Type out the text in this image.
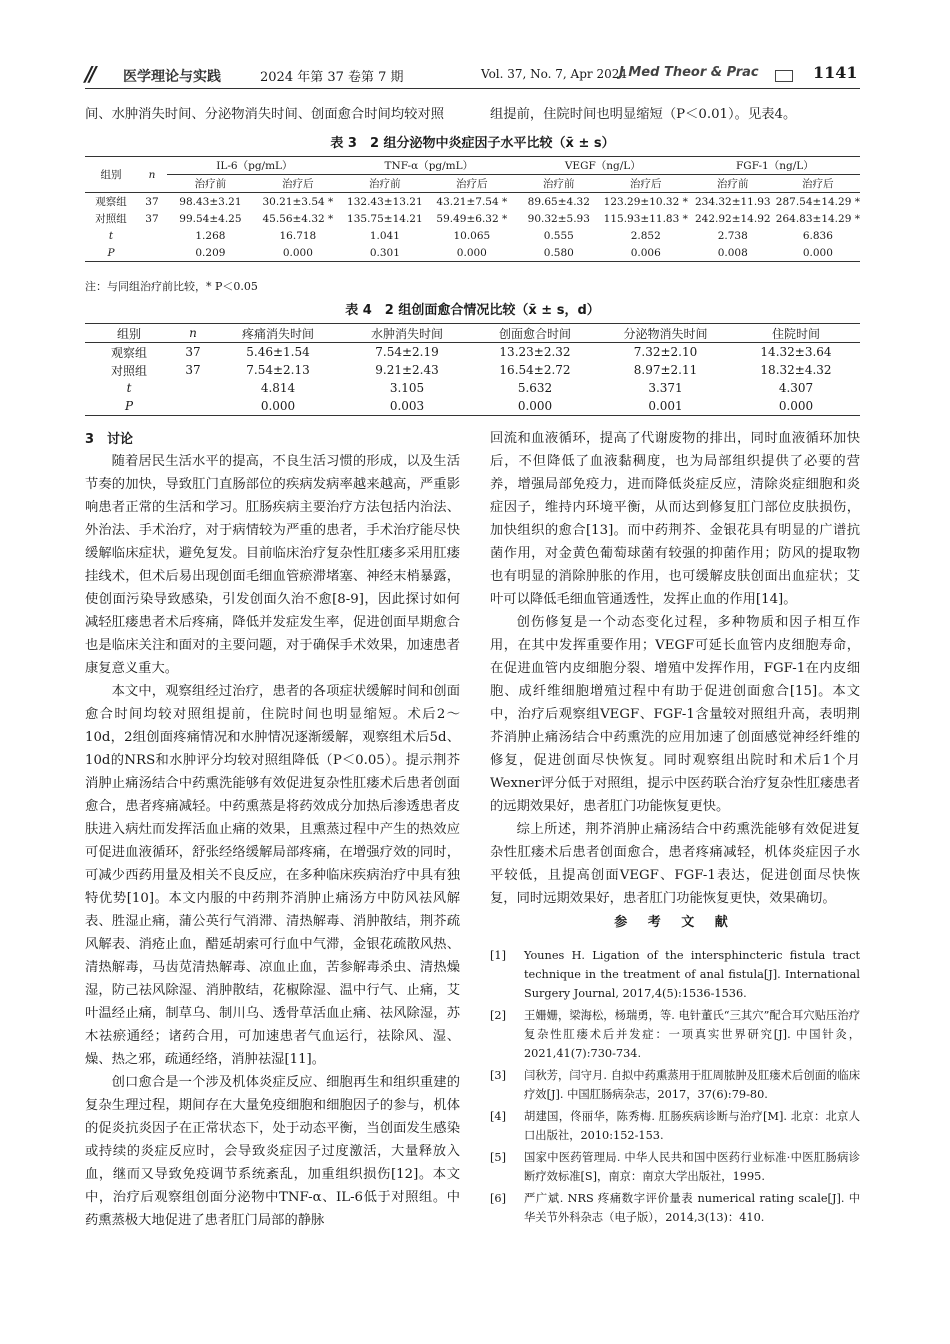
// 医学理论与实践	2024 年第 37 卷第 7 期	Vol. 37, No. 7, Apr 2024
J Med Theor & Prac	1141

间、水肿消失时间、分泌物消失时间、创面愈合时间均较对照	组提前，住院时间也明显缩短（P＜0.01）。见表4。

表 3　2 组分泌物中炎症因子水平比较（x̄ ± s）
组别	n	IL-6（pg/mL）		TNF-α（pg/mL）		VEGF（ng/L）		FGF-1（ng/L）	
		治疗前	治疗后	治疗前	治疗后	治疗前	治疗后	治疗前	治疗后
观察组	37	98.43±3.21	30.21±3.54 *	132.43±13.21	43.21±7.54 *	89.65±4.32	123.29±10.32 *	234.32±11.93	287.54±14.29 *
对照组	37	99.54±4.25	45.56±4.32 *	135.75±14.21	59.49±6.32 *	90.32±5.93	115.93±11.83 *	242.92±14.92	264.83±14.29 *
t		1.268	16.718	1.041	10.065	0.555	2.852	2.738	6.836
P		0.209	0.000	0.301	0.000	0.580	0.006	0.008	0.000
注：与同组治疗前比较，* P＜0.05
表 4　2 组创面愈合情况比较（x̄ ± s，d）
组别	n	疼痛消失时间	水肿消失时间	创面愈合时间	分泌物消失时间	住院时间
观察组	37	5.46±1.54	7.54±2.19	13.23±2.32	7.32±2.10	14.32±3.64
对照组	37	7.54±2.13	9.21±2.43	16.54±2.72	8.97±2.11	18.32±4.32
t		4.814	3.105	5.632	3.371	4.307
P		0.000	0.003	0.000	0.001	0.000
3　讨论

随着居民生活水平的提高，不良生活习惯的形成，以及生活节奏的加快，导致肛门直肠部位的疾病发病率越来越高，严重影响患者正常的生活和学习。肛肠疾病主要治疗方法包括内治法、外治法、手术治疗，对于病情较为严重的患者，手术治疗能尽快缓解临床症状，避免复发。目前临床治疗复杂性肛瘘多采用肛瘘挂线术，但术后易出现创面毛细血管瘀滞堵塞、神经末梢暴露，使创面污染导致感染，引发创面久治不愈[8-9]，因此探讨如何减轻肛瘘患者术后疼痛，降低并发症发生率，促进创面早期愈合也是临床关注和面对的主要问题，对于确保手术效果，加速患者康复意义重大。

本文中，观察组经过治疗，患者的各项症状缓解时间和创面愈合时间均较对照组提前，住院时间也明显缩短。术后2～10d，2组创面疼痛情况和水肿情况逐渐缓解，观察组术后5d、10d的NRS和水肿评分均较对照组降低（P＜0.05）。提示荆芥消肿止痛汤结合中药熏洗能够有效促进复杂性肛瘘术后患者创面愈合，患者疼痛减轻。中药熏蒸是将药效成分加热后渗透患者皮肤进入病灶而发挥活血止痛的效果，且熏蒸过程中产生的热效应可促进血液循环，舒张经络缓解局部疼痛，在增强疗效的同时，可减少西药用量及相关不良反应，在多种临床疾病治疗中具有独特优势[10]。本文内服的中药荆芥消肿止痛汤方中防风祛风解表、胜湿止痛，蒲公英行气消滞、清热解毒、消肿散结，荆芥疏风解表、消疮止血，醋延胡索可行血中气滞，金银花疏散风热、清热解毒，马齿苋清热解毒、凉血止血，苦参解毒杀虫、清热燥湿，防己祛风除湿、消肿散结，花椒除湿、温中行气、止痛，艾叶温经止痛，制草乌、制川乌、透骨草活血止痛、祛风除湿，苏木祛瘀通经；诸药合用，可加速患者气血运行，祛除风、湿、燥、热之邪，疏通经络，消肿祛湿[11]。

创口愈合是一个涉及机体炎症反应、细胞再生和组织重建的复杂生理过程，期间存在大量免疫细胞和细胞因子的参与，机体的促炎抗炎因子在正常状态下，处于动态平衡，当创面发生感染或持续的炎症反应时，会导致炎症因子过度激活，大量释放入血，继而又导致免疫调节系统紊乱，加重组织损伤[12]。本文中，治疗后观察组创面分泌物中TNF-α、IL-6低于对照组。中药熏蒸极大地促进了患者肛门局部的静脉

回流和血液循环，提高了代谢废物的排出，同时血液循环加快后，不但降低了血液黏稠度，也为局部组织提供了必要的营养，增强局部免疫力，进而降低炎症反应，清除炎症细胞和炎症因子，维持内环境平衡，从而达到修复肛门部位皮肤损伤，加快组织的愈合[13]。而中药荆芥、金银花具有明显的广谱抗菌作用，对金黄色葡萄球菌有较强的抑菌作用；防风的提取物也有明显的消除肿胀的作用，也可缓解皮肤创面出血症状；艾叶可以降低毛细血管通透性，发挥止血的作用[14]。

创伤修复是一个动态变化过程，多种物质和因子相互作用，在其中发挥重要作用；VEGF可延长血管内皮细胞寿命，在促进血管内皮细胞分裂、增殖中发挥作用，FGF-1在内皮细胞、成纤维细胞增殖过程中有助于促进创面愈合[15]。本文中，治疗后观察组VEGF、FGF-1含量较对照组升高，表明荆芥消肿止痛汤结合中药熏洗的应用加速了创面感觉神经纤维的修复，促进创面尽快恢复。同时观察组出院时和术后1个月Wexner评分低于对照组，提示中医药联合治疗复杂性肛瘘患者的远期效果好，患者肛门功能恢复更快。

综上所述，荆芥消肿止痛汤结合中药熏洗能够有效促进复杂性肛瘘术后患者创面愈合，患者疼痛减轻，机体炎症因子水平较低，且提高创面VEGF、FGF-1表达，促进创面尽快恢复，同时远期效果好，患者肛门功能恢复更快，效果确切。

参 考 文 献
[1] Younes H. Ligation of the intersphincteric fistula tract technique in the treatment of anal fistula[J]. International Surgery Journal, 2017,4(5):1536-1536.
[2] 王姗姗，梁海松，杨瑞勇，等. 电针董氏“三其穴”配合耳穴贴压治疗复杂性肛瘘术后并发症：一项真实世界研究[J]. 中国针灸，2021,41(7):730-734.
[3] 闫秋芳，闫守月. 自拟中药熏蒸用于肛周脓肿及肛瘘术后创面的临床疗效[J]. 中国肛肠病杂志，2017，37(6):79-80.
[4] 胡建国，佟丽华，陈秀梅. 肛肠疾病诊断与治疗[M]. 北京：北京人口出版社，2010:152-153.
[5] 国家中医药管理局. 中华人民共和国中医药行业标准·中医肛肠病诊断疗效标准[S]，南京：南京大学出版社，1995.
[6] 严广斌. NRS 疼痛数字评价量表 numerical rating scale[J]. 中华关节外科杂志（电子版），2014,3(13)：410.
